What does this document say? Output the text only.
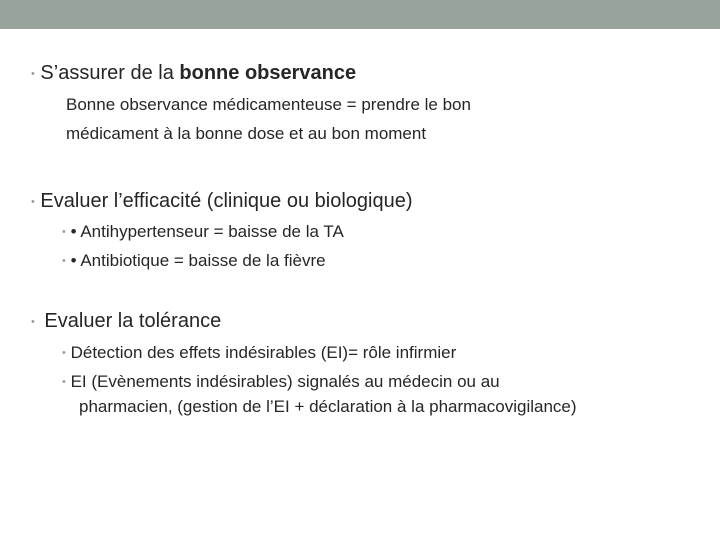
• S’assurer de la bonne observance
Bonne observance médicamenteuse = prendre le bon
médicament à la bonne dose et au bon moment
• Evaluer l’efficacité (clinique ou biologique)
• • Antihypertenseur = baisse de la TA
• • Antibiotique = baisse de la fièvre
• Evaluer la tolérance
• Détection des effets indésirables (EI)= rôle infirmier
• EI (Evènements indésirables) signalés au médecin ou au
pharmacien, (gestion de l’EI + déclaration à la pharmacovigilance)
